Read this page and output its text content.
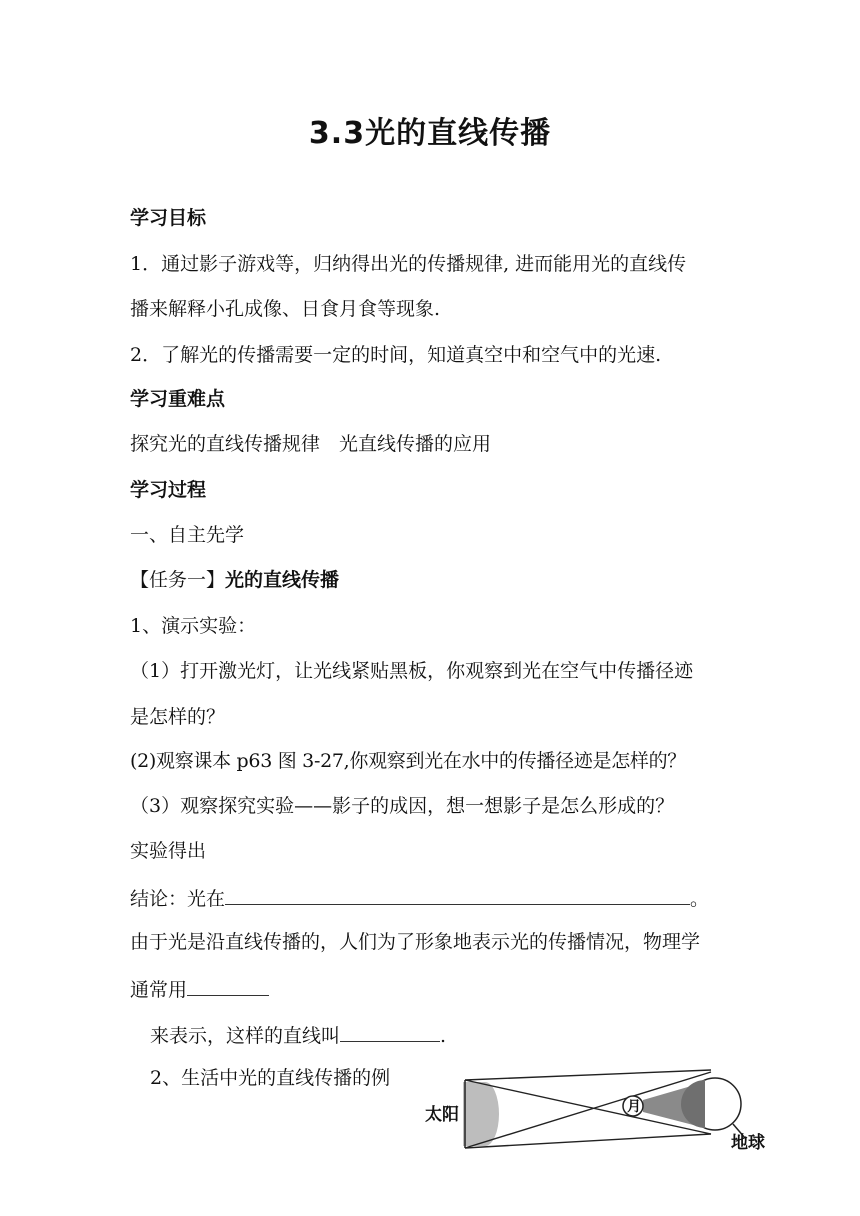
3.3光的直线传播
学习目标
1．通过影子游戏等，归纳得出光的传播规律, 进而能用光的直线传
播来解释小孔成像、日食月食等现象.
2．了解光的传播需要一定的时间，知道真空中和空气中的光速.
学习重难点
探究光的直线传播规律　光直线传播的应用
学习过程
一、自主先学
【任务一】光的直线传播
1、演示实验：
（1）打开激光灯，让光线紧贴黑板，你观察到光在空气中传播径迹
是怎样的？
(2)观察课本 p63 图 3-27,你观察到光在水中的传播径迹是怎样的？
（3）观察探究实验——影子的成因，想一想影子是怎么形成的？
实验得出
结论：光在	。
由于光是沿直线传播的，人们为了形象地表示光的传播情况，物理学
通常用
来表示，这样的直线叫	.
2、生活中光的直线传播的例
太阳	月
地球
